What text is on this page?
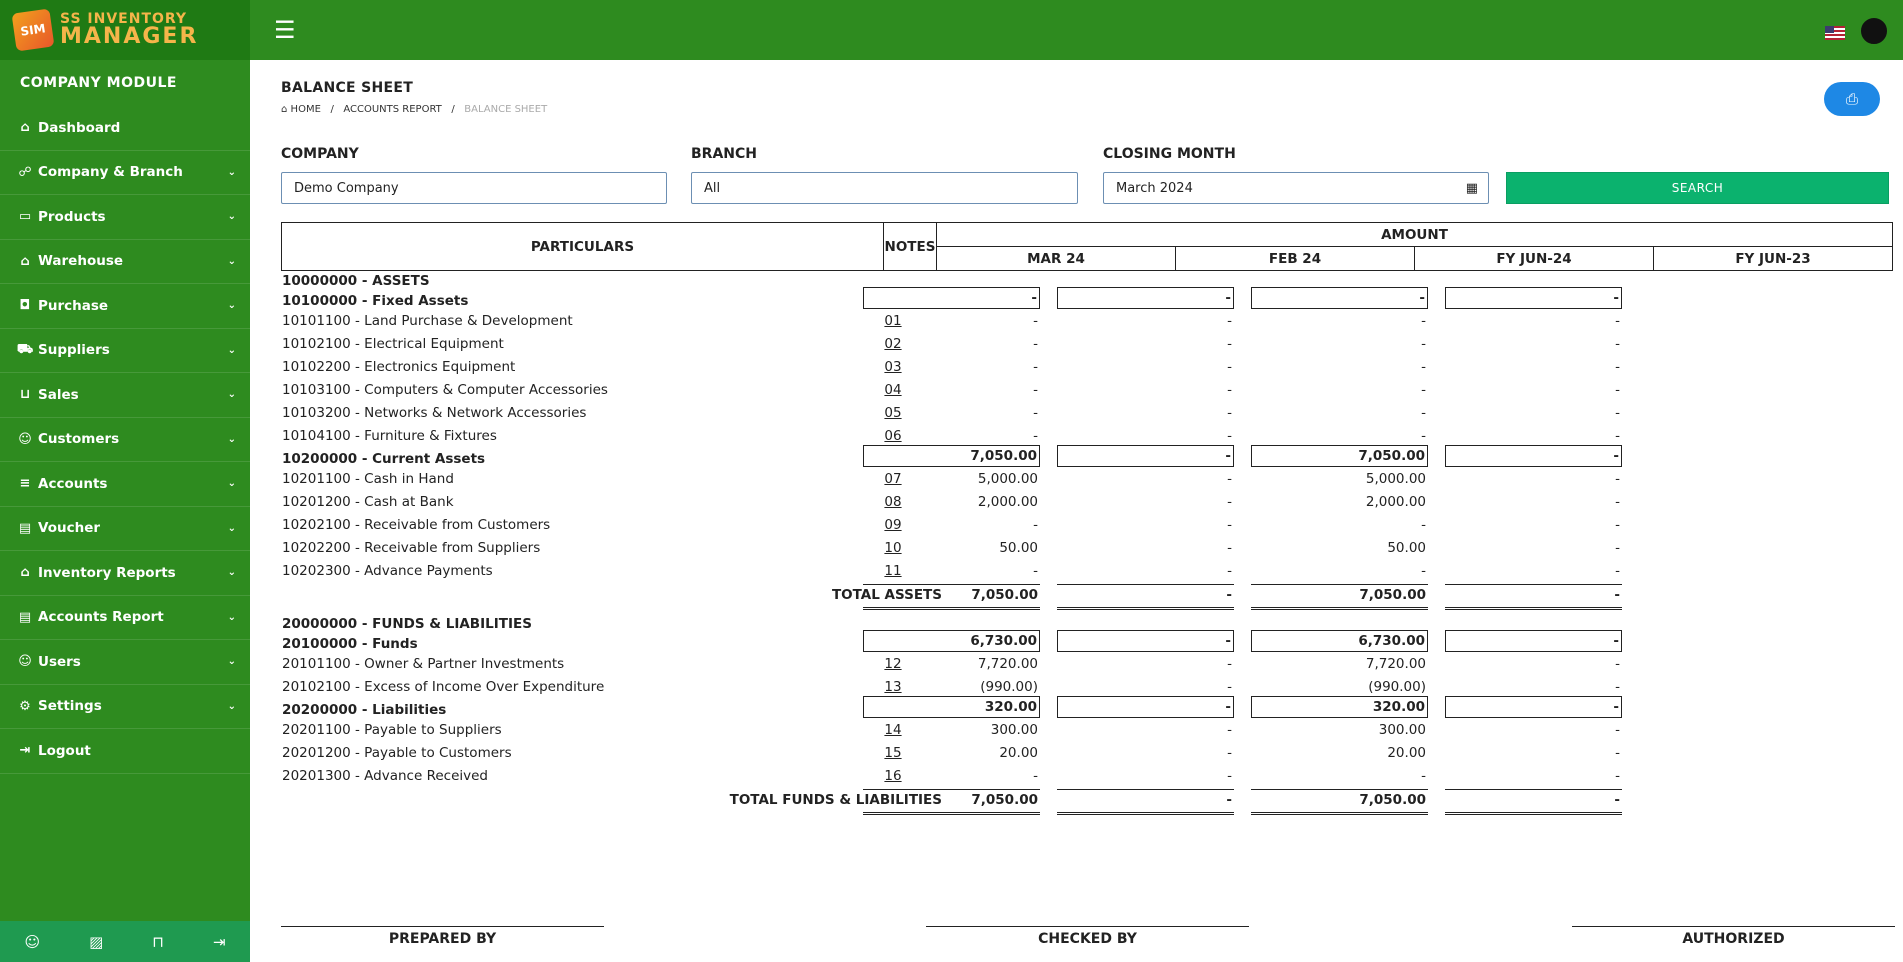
SIM
SS INVENTORY
MANAGER
COMPANY MODULE
⌂ Dashboard
☍ Company & Branch	⌄
▭ Products	⌄
⌂ Warehouse	⌄
◘ Purchase	⌄
⛟ Suppliers	⌄
⊔ Sales	⌄
☺ Customers	⌄
≡ Accounts	⌄
▤ Voucher	⌄
⌂ Inventory Reports	⌄
▤ Accounts Report	⌄
☺ Users	⌄
⚙ Settings	⌄
⇥ Logout
☺	▨	⊓	⇥
☰
BALANCE SHEET
⌂ HOME / ACCOUNTS REPORT / BALANCE SHEET
⎙
COMPANY
Demo Company
BRANCH
All
CLOSING MONTH
March 2024	▦	SEARCH
PARTICULARS	NOTES
AMOUNT
MAR 24	FEB 24	FY JUN-24	FY JUN-23
10000000 - ASSETS
10100000 - Fixed Assets	-	-	-	-
10101100 - Land Purchase & Development	01	-	-	-	-
10102100 - Electrical Equipment	02	-	-	-	-
10102200 - Electronics Equipment	03	-	-	-	-
10103100 - Computers & Computer Accessories	04	-	-	-	-
10103200 - Networks & Network Accessories	05	-	-	-	-
10104100 - Furniture & Fixtures	06	-	-	-	-
10200000 - Current Assets	7,050.00	-	7,050.00	-
10201100 - Cash in Hand	07	5,000.00	-	5,000.00	-
10201200 - Cash at Bank	08	2,000.00	-	2,000.00	-
10202100 - Receivable from Customers	09	-	-	-	-
10202200 - Receivable from Suppliers	10	50.00	-	50.00	-
10202300 - Advance Payments	11	-	-	-	-
TOTAL ASSETS	7,050.00	-	7,050.00	-
20000000 - FUNDS & LIABILITIES
20100000 - Funds	6,730.00	-	6,730.00	-
20101100 - Owner & Partner Investments	12	7,720.00	-	7,720.00	-
20102100 - Excess of Income Over Expenditure	13	(990.00)	-	(990.00)	-
20200000 - Liabilities	320.00	-	320.00	-
20201100 - Payable to Suppliers	14	300.00	-	300.00	-
20201200 - Payable to Customers	15	20.00	-	20.00	-
20201300 - Advance Received	16	-	-	-	-
TOTAL FUNDS & LIABILITIES	7,050.00	-	7,050.00	-
PREPARED BY	CHECKED BY	AUTHORIZED
